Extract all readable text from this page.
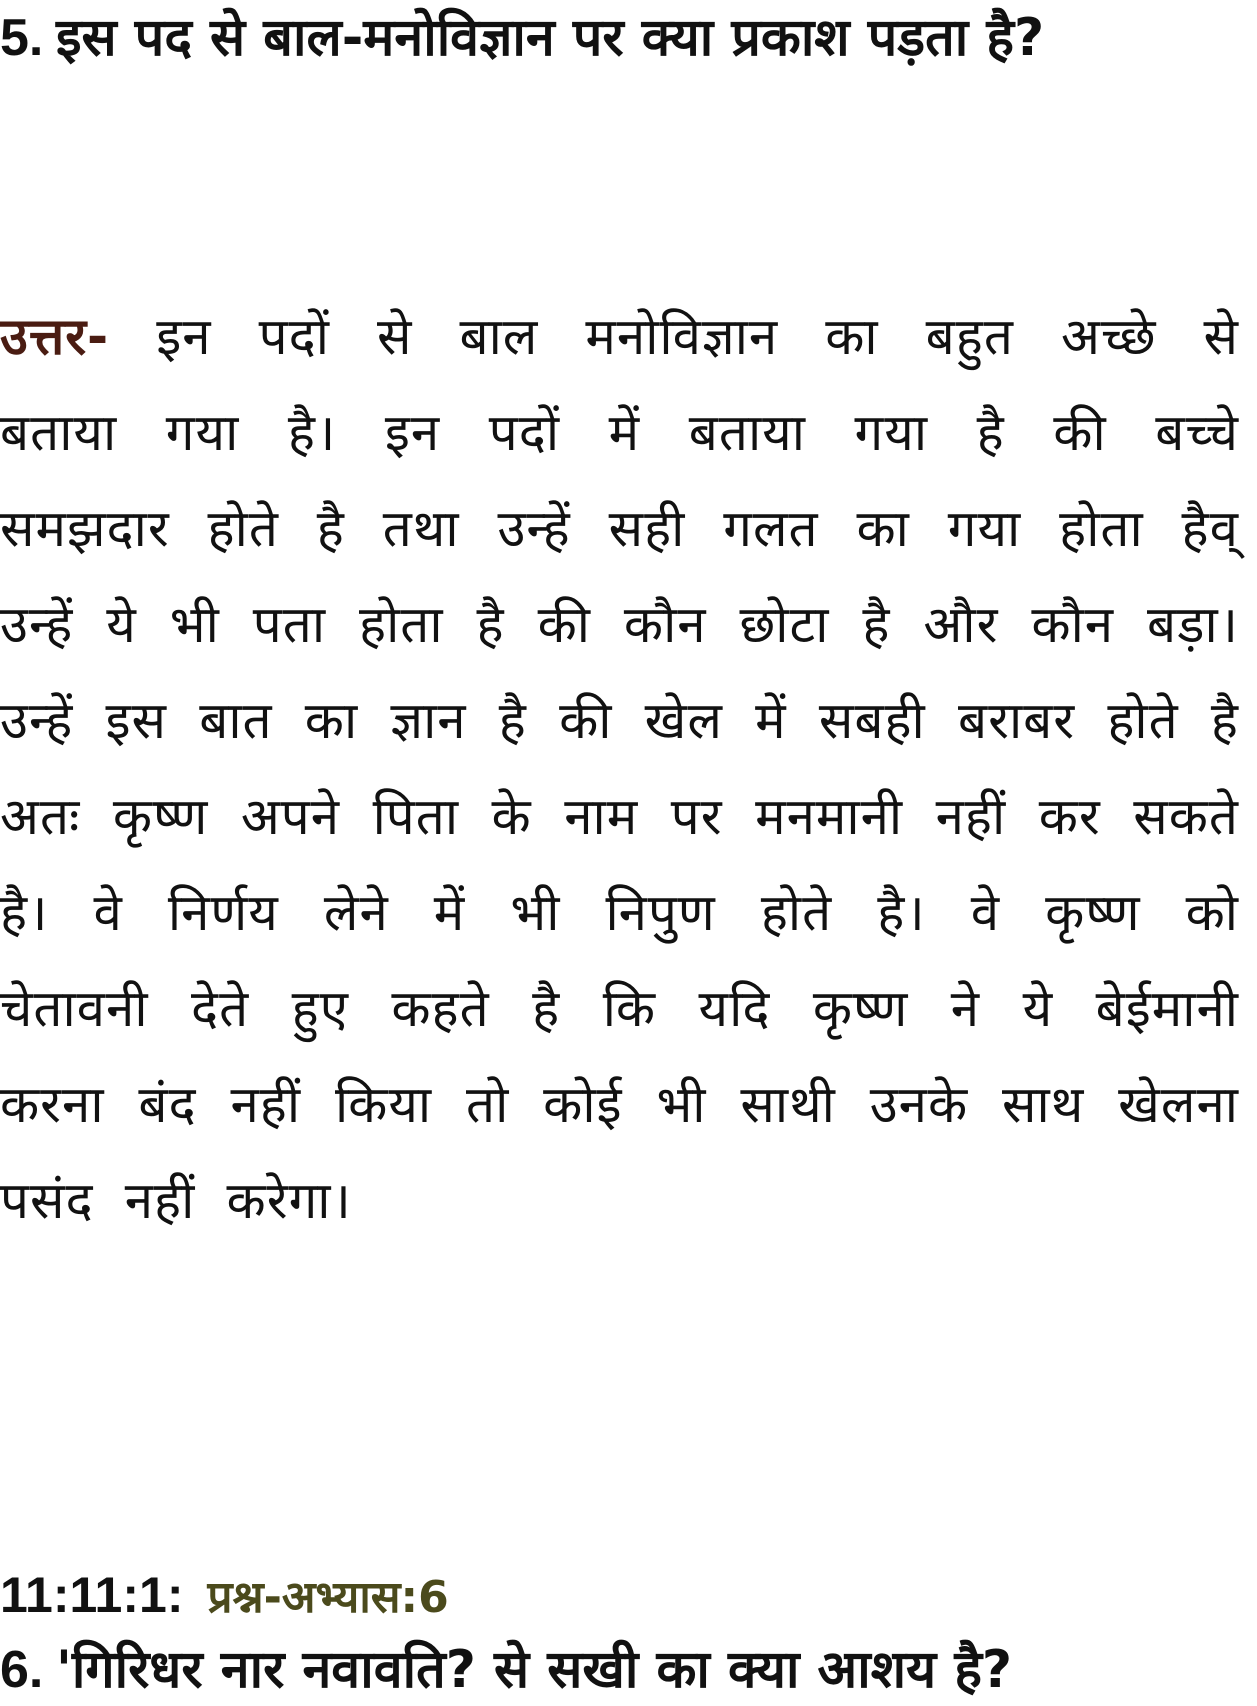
5. इस पद से बाल-मनोविज्ञान पर क्या प्रकाश पड़ता है?

उत्तर- इन पदों से बाल मनोविज्ञान का बहुत अच्छे से बताया गया है। इन पदों में बताया गया है की बच्चे समझदार होते है तथा उन्हें सही गलत का गया होता हैव् उन्हें ये भी पता होता है की कौन छोटा है और कौन बड़ा। उन्हें इस बात का ज्ञान है की खेल में सबही बराबर होते है अतः कृष्ण अपने पिता के नाम पर मनमानी नहीं कर सकते है। वे निर्णय लेने में भी निपुण होते है। वे कृष्ण को चेतावनी देते हुए कहते है कि यदि कृष्ण ने ये बेईमानी करना बंद नहीं किया तो कोई भी साथी उनके साथ खेलना पसंद नहीं करेगा।

11:11:1: प्रश्न-अभ्यास:6

6. 'गिरिधर नार नवावति? से सखी का क्या आशय है?
